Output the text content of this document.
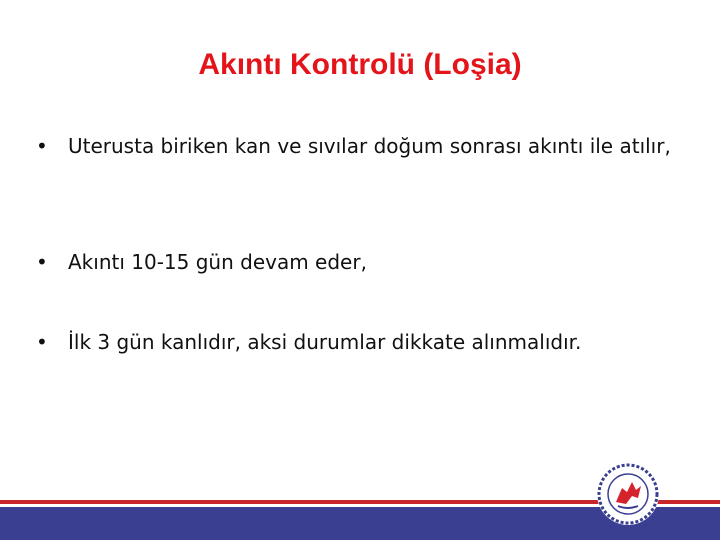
Akıntı Kontrolü (Loşia)
• Uterusta biriken kan ve sıvılar doğum sonrası akıntı ile atılır,
• Akıntı 10-15 gün devam eder,
• İlk 3 gün kanlıdır, aksi durumlar dikkate alınmalıdır.
